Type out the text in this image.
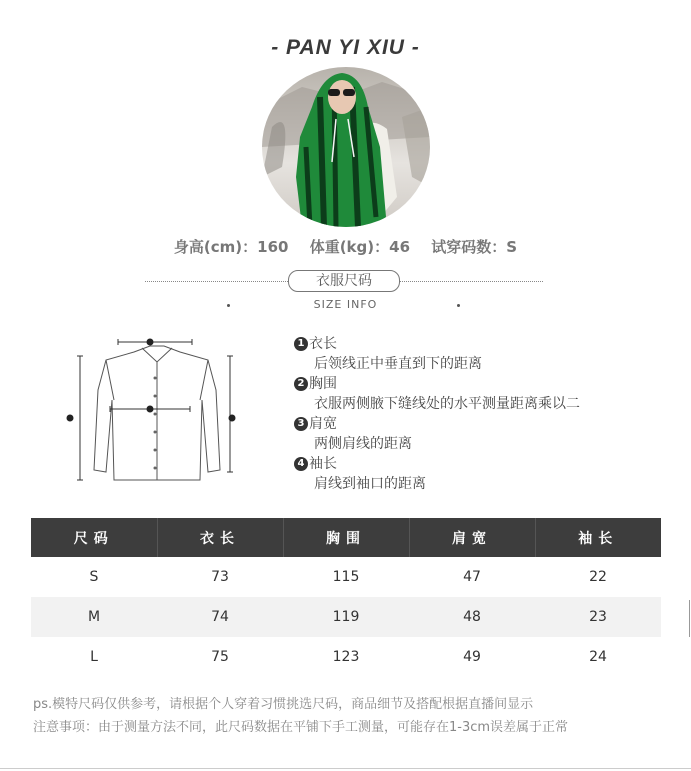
- PAN YI XIU -
身高(cm)：160 体重(kg)：46 试穿码数：S
衣服尺码
SIZE INFO
1 衣长
后领线正中垂直到下的距离
2 胸围
衣服两侧腋下缝线处的水平测量距离乘以二
3 肩宽
两侧肩线的距离
4 袖长
肩线到袖口的距离
尺码	衣长	胸围	肩宽	袖长
S	73	115	47	22
M	74	119	48	23
L	75	123	49	24
ps.模特尺码仅供参考，请根据个人穿着习惯挑选尺码，商品细节及搭配根据直播间显示
注意事项：由于测量方法不同，此尺码数据在平铺下手工测量，可能存在1-3cm误差属于正常
